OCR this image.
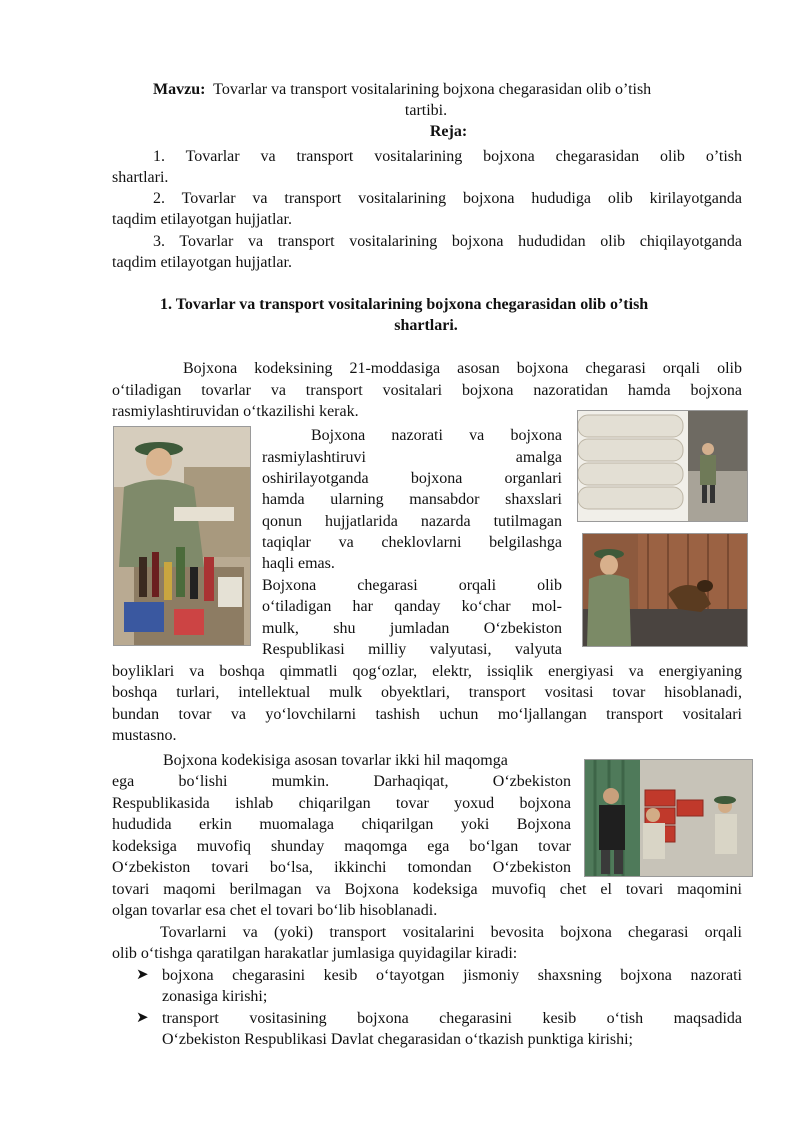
Mavzu: Tovarlar va transport vositalarining bojxona chegarasidan olib o’tish
tartibi.
Reja:
1. Tovarlar va transport vositalarining bojxona chegarasidan olib o’tish
shartlari.
2. Tovarlar va transport vositalarining bojxona hududiga olib kirilayotganda
taqdim etilayotgan hujjatlar.
3. Tovarlar va transport vositalarining bojxona hududidan olib chiqilayotganda
taqdim etilayotgan hujjatlar.
1. Tovarlar va transport vositalarining bojxona chegarasidan olib o’tish
shartlari.
Bojxona kodeksining 21-moddasiga asosan bojxona chegarasi orqali olib
o‘tiladigan tovarlar va transport vositalari bojxona nazoratidan hamda bojxona
rasmiylashtiruvidan o‘tkazilishi kerak.
Bojxona nazorati va bojxona
rasmiylashtiruvi	amalga
oshirilayotganda bojxona organlari
hamda ularning mansabdor shaxslari
qonun hujjatlarida nazarda tutilmagan
taqiqlar va cheklovlarni belgilashga
haqli emas.
Bojxona chegarasi orqali olib
o‘tiladigan har qanday ko‘char mol-
mulk, shu jumladan O‘zbekiston
Respublikasi milliy valyutasi, valyuta
boyliklari va boshqa qimmatli qog‘ozlar, elektr, issiqlik energiyasi va energiyaning
boshqa turlari, intellektual mulk obyektlari, transport vositasi tovar hisoblanadi,
bundan tovar va yo‘lovchilarni tashish uchun mo‘ljallangan transport vositalari
mustasno.
Bojxona kodekisiga asosan tovarlar ikki hil maqomga
ega bo‘lishi mumkin. Darhaqiqat, O‘zbekiston
Respublikasida ishlab chiqarilgan tovar yoxud bojxona
hududida erkin muomalaga chiqarilgan yoki Bojxona
kodeksiga muvofiq shunday maqomga ega bo‘lgan tovar
O‘zbekiston tovari bo‘lsa, ikkinchi tomondan O‘zbekiston
tovari maqomi berilmagan va Bojxona kodeksiga muvofiq chet el tovari maqomini
olgan tovarlar esa chet el tovari bo‘lib hisoblanadi.
Tovarlarni va (yoki) transport vositalarini bevosita bojxona chegarasi orqali
olib o‘tishga qaratilgan harakatlar jumlasiga quyidagilar kiradi:
➤ bojxona chegarasini kesib o‘tayotgan jismoniy shaxsning bojxona nazorati
zonasiga kirishi;
➤ transport vositasining bojxona chegarasini kesib o‘tish maqsadida
O‘zbekiston Respublikasi Davlat chegarasidan o‘tkazish punktiga kirishi;
